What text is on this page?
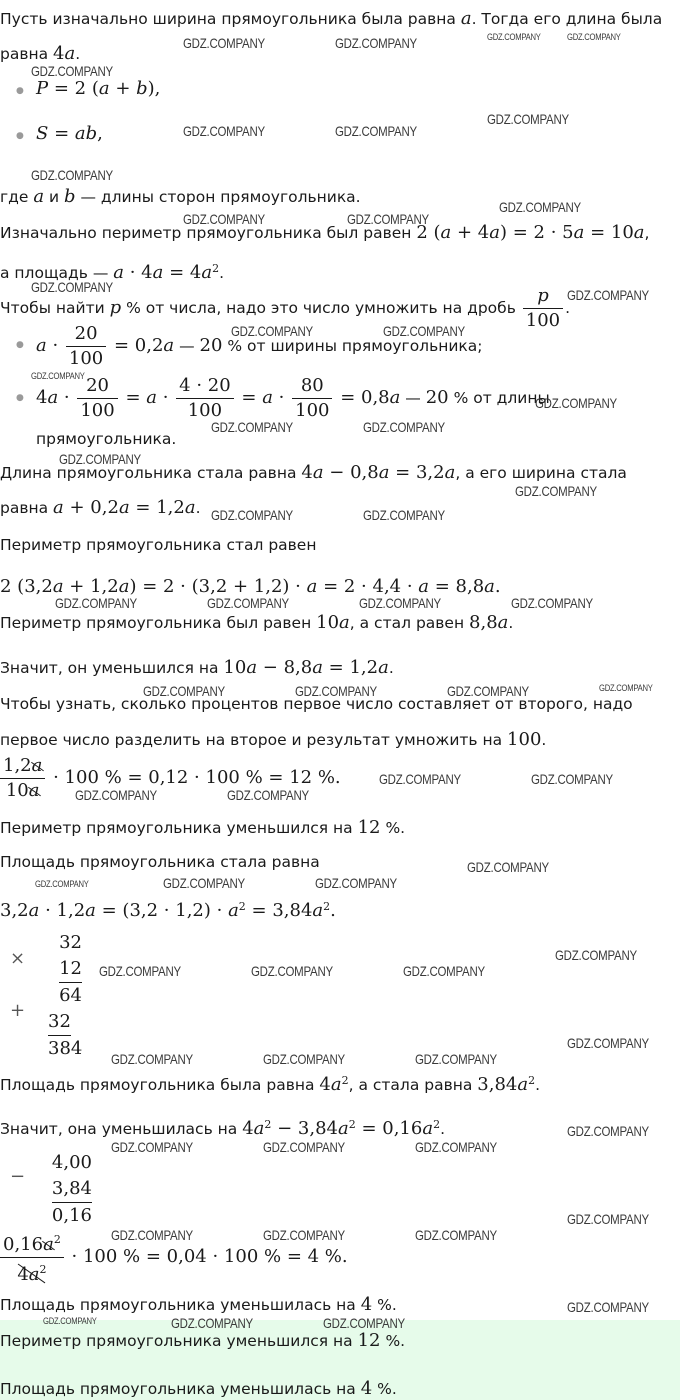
Пусть изначально ширина прямоугольника была равна a. Тогда его длина была
равна 4a.
● P = 2 (a + b),
● S = ab,
где a и b — длины сторон прямоугольника.
Изначально периметр прямоугольника был равен 2 (a + 4a) = 2 · 5a = 10a,
а площадь — $a \cdot 4a = 4a^2$.
Чтобы найти p % от числа, надо это число умножить на дробь $\frac{p}{100}$ .
● $a \cdot \frac{20}{100} = 0,2a$ — 20 % от ширины прямоугольника;
● $4a \cdot \frac{20}{100} = a \cdot \frac{4 \cdot 20}{100} = a \cdot \frac{80}{100} = 0,8a$ — 20 % от длины
прямоугольника.
Длина прямоугольника стала равна 4a − 0,8a = 3,2a, а его ширина стала
равна a + 0,2a = 1,2a.
Периметр прямоугольника стал равен
2 (3,2a + 1,2a) = 2 · (3,2 + 1,2) · a = 2 · 4,4 · a = 8,8a.
Периметр прямоугольника был равен 10a, а стал равен 8,8a.
Значит, он уменьшился на 10a − 8,8a = 1,2a.
Чтобы узнать, сколько процентов первое число составляет от второго, надо
первое число разделить на второе и результат умножить на 100.
$\frac{1,2a}{10a} \cdot 100$ % = 0,12 · 100 % = 12 %.
Периметр прямоугольника уменьшился на 12 %.
Площадь прямоугольника стала равна
$3,2a \cdot 1,2a = (3,2 \cdot 1,2) \cdot a^2 = 3,84a^2$.
×
32
12
64
32
384
+
Площадь прямоугольника была равна $4a^2$, а стала равна $3,84a^2$.
Значит, она уменьшилась на $4a^2 - 3,84a^2 = 0,16a^2$.
−
4,00
3,84
0,16
$\frac{0,16a^2}{4a^2} \cdot 100$ % = 0,04 · 100 % = 4 %.
Площадь прямоугольника уменьшилась на 4 %.
Периметр прямоугольника уменьшился на 12 %.
Площадь прямоугольника уменьшилась на 4 %.
GDZ.COMPANY	GDZ.COMPANY	GDZ.COMPANY	GDZ.COMPANY
GDZ.COMPANY
GDZ.COMPANY	GDZ.COMPANY
GDZ.COMPANY
GDZ.COMPANY
GDZ.COMPANY
GDZ.COMPANY	GDZ.COMPANY
GDZ.COMPANY	GDZ.COMPANY
GDZ.COMPANY	GDZ.COMPANY
GDZ.COMPANY
GDZ.COMPANY
GDZ.COMPANY	GDZ.COMPANY
GDZ.COMPANY
GDZ.COMPANY
GDZ.COMPANY	GDZ.COMPANY
GDZ.COMPANY	GDZ.COMPANY	GDZ.COMPANY	GDZ.COMPANY
GDZ.COMPANY	GDZ.COMPANY	GDZ.COMPANY	GDZ.COMPANY
GDZ.COMPANY	GDZ.COMPANY
GDZ.COMPANY	GDZ.COMPANY
GDZ.COMPANY
GDZ.COMPANY	GDZ.COMPANY	GDZ.COMPANY
GDZ.COMPANY
GDZ.COMPANY	GDZ.COMPANY	GDZ.COMPANY
GDZ.COMPANY
GDZ.COMPANY	GDZ.COMPANY	GDZ.COMPANY
GDZ.COMPANY
GDZ.COMPANY	GDZ.COMPANY	GDZ.COMPANY
GDZ.COMPANY
GDZ.COMPANY	GDZ.COMPANY	GDZ.COMPANY
GDZ.COMPANY
GDZ.COMPANY	GDZ.COMPANY	GDZ.COMPANY
